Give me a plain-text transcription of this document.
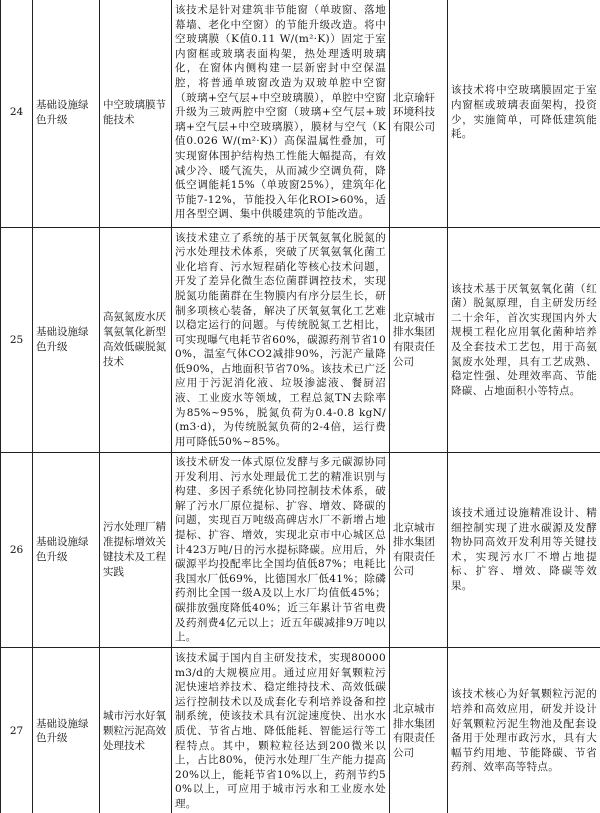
24	基础设施绿色升级	中空玻璃膜节能技术	该技术是针对建筑非节能窗（单玻窗、落地幕墙、老化中空窗）的节能升级改造。将中空玻璃膜（K值0.11 W/(m²·K)）固定于室内窗框或玻璃表面构架，热处理透明玻璃化，在窗体内侧构建一层新密封中空保温腔，将普通单玻窗改造为双玻单腔中空窗（玻璃+空气层+中空玻璃膜），单腔中空窗升级为三玻两腔中空窗（玻璃+空气层+玻璃+空气层+中空玻璃膜），膜材与空气（K值0.026 W/(m²·K)）高保温属性叠加，可实现窗体围护结构热工性能大幅提高，有效减少冷、暖气流失，从而减少空调负荷，降低空调能耗15%（单玻窗25%），建筑年化节能7-12%，节能投入年化ROI>60%，适用各型空调、集中供暖建筑的节能改造。	北京瑜轩环境科技有限公司	该技术将中空玻璃膜固定于室内窗框或玻璃表面架构，投资少，实施简单，可降低建筑能耗。
25	基础设施绿色升级	高氨氮废水厌氧氨氧化新型高效低碳脱氮技术	该技术建立了系统的基于厌氧氨氧化脱氮的污水处理技术体系，突破了厌氧氨氧化菌工业化培育、污水短程硝化等核心技术问题，开发了差异化微生态位菌群调控技术，实现脱氮功能菌群在生物膜内有序分层生长，研制多项核心装备，解决了厌氧氨氧化工艺难以稳定运行的问题。与传统脱氮工艺相比，可实现曝气电耗节省60%，碳源药剂节省100%，温室气体CO2减排90%，污泥产量降低90%，占地面积节省70%。该技术已广泛应用于污泥消化液、垃圾渗滤液、餐厨沼液、工业废水等领域，工程总氮TN去除率为85%~95%，脱氮负荷为0.4-0.8 kgN/(m3·d)，为传统脱氮负荷的2-4倍，运行费用可降低50%~85%。	北京城市排水集团有限责任公司	该技术基于厌氧氨氧化菌（红菌）脱氮原理，自主研发历经二十余年，首次实现国内外大规模工程化应用氧化菌种培养及全套技术工艺包，用于高氨氮废水处理，具有工艺成熟、稳定性强、处理效率高、节能降碳、占地面积小等特点。
26	基础设施绿色升级	污水处理厂精准提标增效关键技术及工程实践	该技术研发一体式原位发酵与多元碳源协同开发利用、污水处理最优工艺的精准识别与构建、多因子系统化协同控制技术体系，破解了污水厂原位提标、扩容、增效、降碳的问题，实现百万吨级高碑店水厂不新增占地提标、扩容、增效，实现北京市中心城区总计423万吨/日的污水提标降碳。应用后，外碳源平均投配率比全国均值低87%；电耗比我国水厂低69%，比德国水厂低41%；除磷药剂比全国一级A及以上水厂均值低45%；碳排放强度降低40%；近三年累计节省电费及药剂费4亿元以上；近五年碳减排9万吨以上。	北京城市排水集团有限责任公司	该技术通过设施精准设计、精细控制实现了进水碳源及发酵物协同高效开发利用等关键技术，实现污水厂不增占地提标、扩容、增效、降碳等效果。
27	基础设施绿色升级	城市污水好氧颗粒污泥高效处理技术	该技术属于国内自主研发技术，实现80000m3/d的大规模应用。通过应用好氧颗粒污泥快速培养技术、稳定维持技术、高效低碳运行控制技术以及成套化专利培养设备和控制系统，使该技术具有沉淀速度快、出水水质优、节省占地、降低能耗、智能运行等工程特点。其中，颗粒粒径达到200微米以上，占比80%，使污水处理厂生产能力提高20%以上，能耗节省10%以上，药剂节约50%以上，可应用于城市污水和工业废水处理。	北京城市排水集团有限责任公司	该技术核心为好氧颗粒污泥的培养和高效应用，研发并设计好氧颗粒污泥生物池及配套设备用于处理市政污水，具有大幅节约用地、节能降碳、节省药剂、效率高等特点。
